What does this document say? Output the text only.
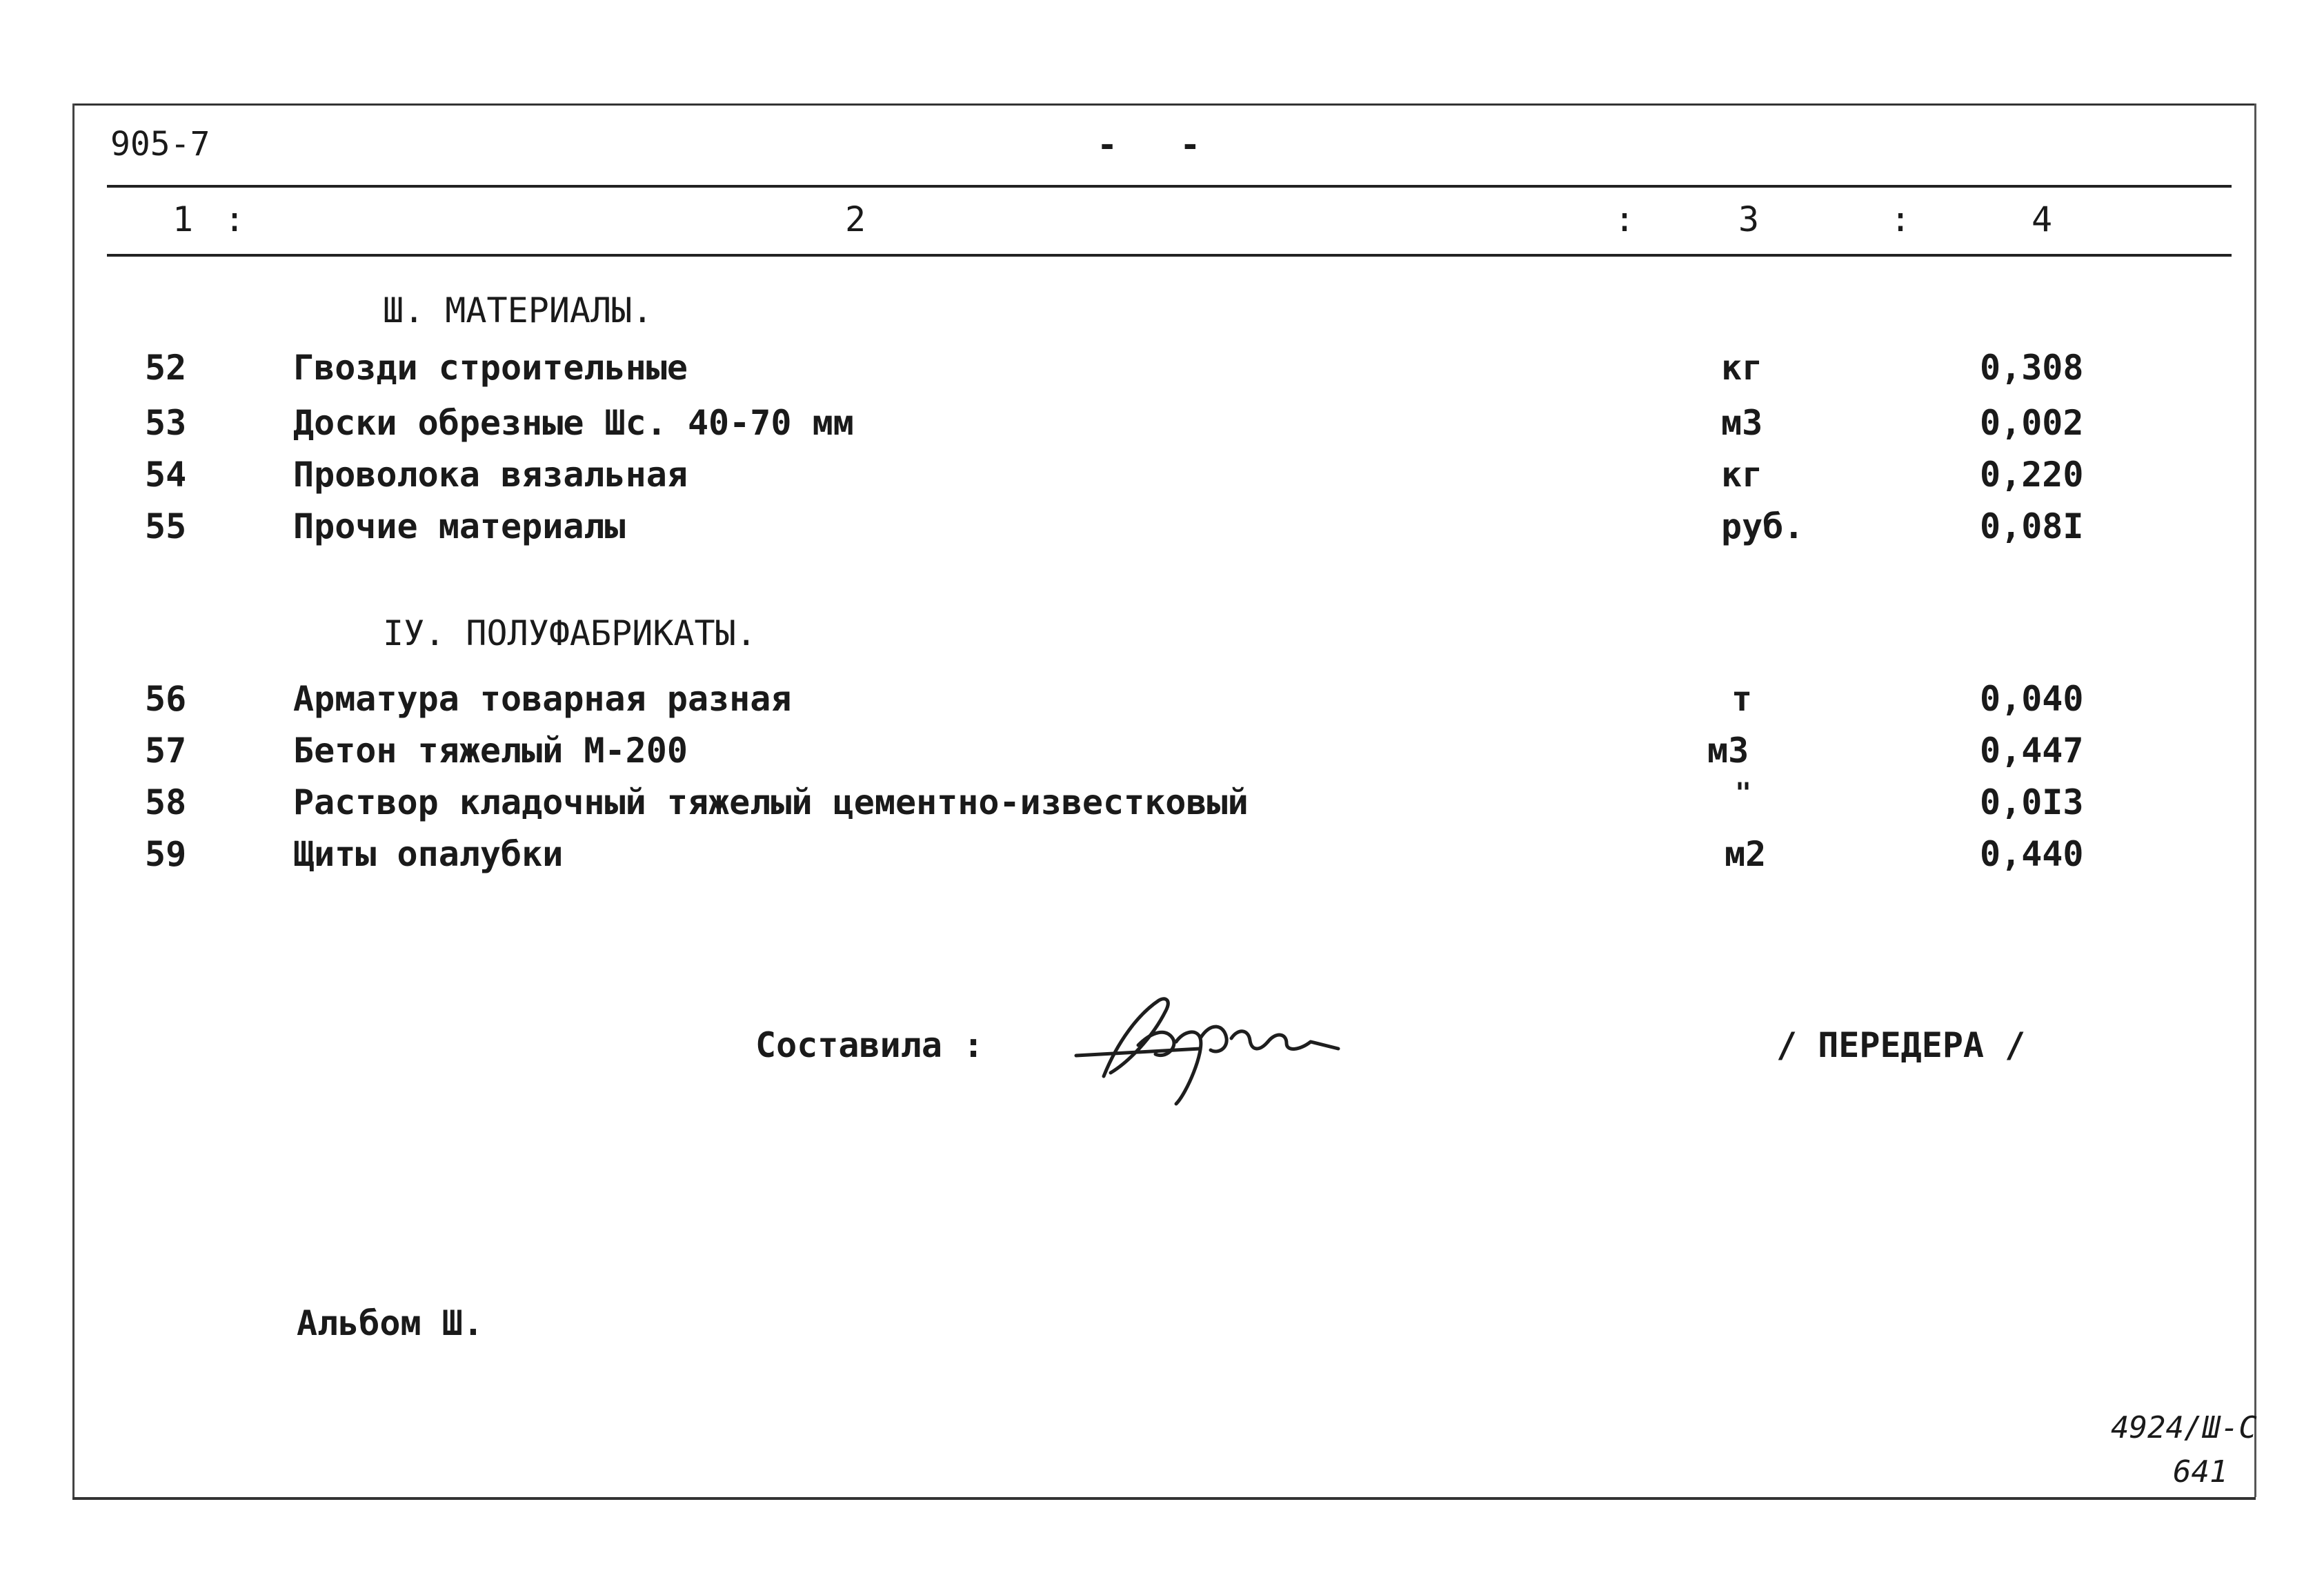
905-7	- -
1 :	2	:	3	:	4
Ш. МАТЕРИАЛЫ.
52	Гвозди строительные	кг	0,308
53	Доски обрезные Шс. 40-70 мм	м3	0,002
54	Проволока вязальная	кг	0,220
55	Прочие материалы	руб.	0,08I
IУ. ПОЛУФАБРИКАТЫ.
56	Арматура товарная разная	т	0,040
57	Бетон тяжелый М-200	м3	0,447
58	Раствор кладочный тяжелый цементно-известковый	"	0,0I3
59	Щиты опалубки	м2	0,440
Составила :	/ ПЕРЕДЕРА /
Альбом Ш.
4924/Ш-С
641
